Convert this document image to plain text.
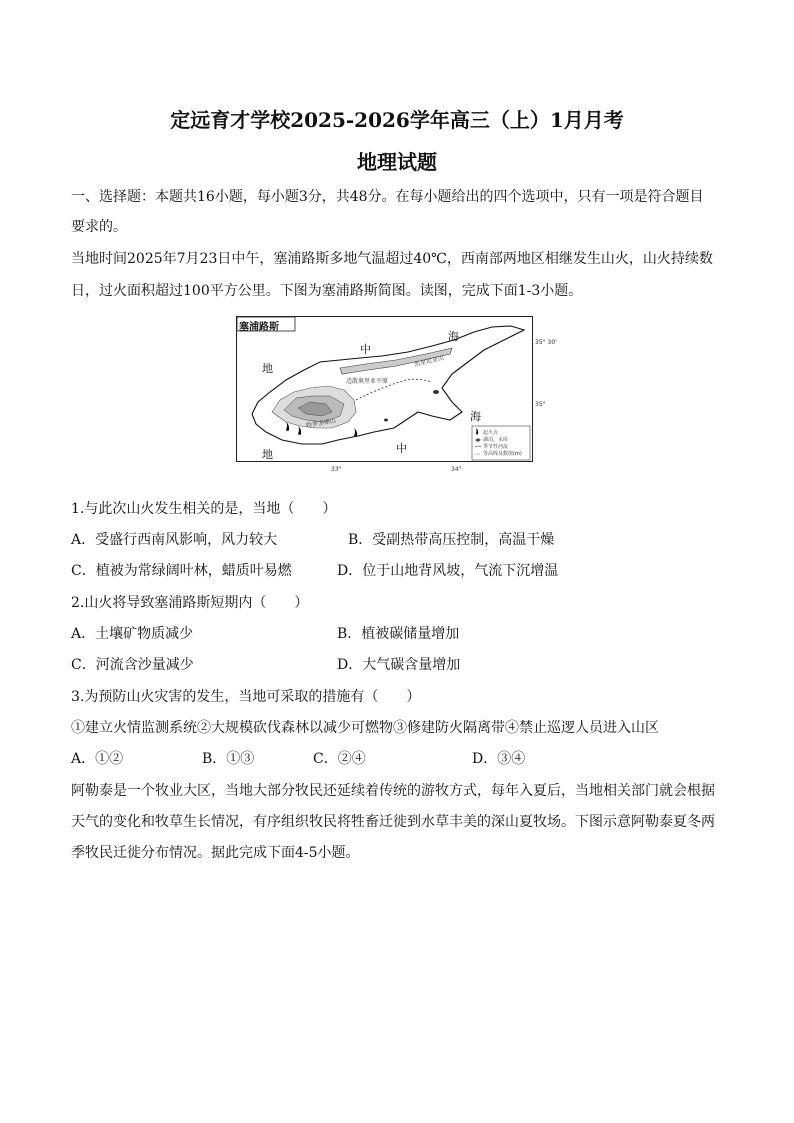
定远育才学校2025-2026学年高三（上）1月月考
地理试题
一、选择题：本题共16小题，每小题3分，共48分。在每小题给出的四个选项中，只有一项是符合题目
要求的。
当地时间2025年7月23日中午，塞浦路斯多地气温超过40℃，西南部两地区相继发生山火，山火持续数
日，过火面积超过100平方公里。下图为塞浦路斯简图。读图，完成下面1-3小题。
塞浦路斯
地
中
海
地	中
海
迈散奥里亚平原
凯里尼亚山
特罗多斯山
起火点
湖泊、水库
季节性河流
等高线及数值(m)
35° 30'
35°
33°	34°
1.与此次山火发生相关的是，当地（　　）
A．受盛行西南风影响，风力较大	B．受副热带高压控制，高温干燥
C．植被为常绿阔叶林，蜡质叶易燃	D．位于山地背风坡，气流下沉增温
2.山火将导致塞浦路斯短期内（　　）
A．土壤矿物质减少	B．植被碳储量增加
C．河流含沙量减少	D．大气碳含量增加
3.为预防山火灾害的发生，当地可采取的措施有（　　）
①建立火情监测系统②大规模砍伐森林以减少可燃物③修建防火隔离带④禁止巡逻人员进入山区
A．①②	B．①③	C．②④	D．③④
阿勒泰是一个牧业大区，当地大部分牧民还延续着传统的游牧方式，每年入夏后，当地相关部门就会根据
天气的变化和牧草生长情况，有序组织牧民将牲畜迁徙到水草丰美的深山夏牧场。下图示意阿勒泰夏冬两
季牧民迁徙分布情况。据此完成下面4-5小题。
